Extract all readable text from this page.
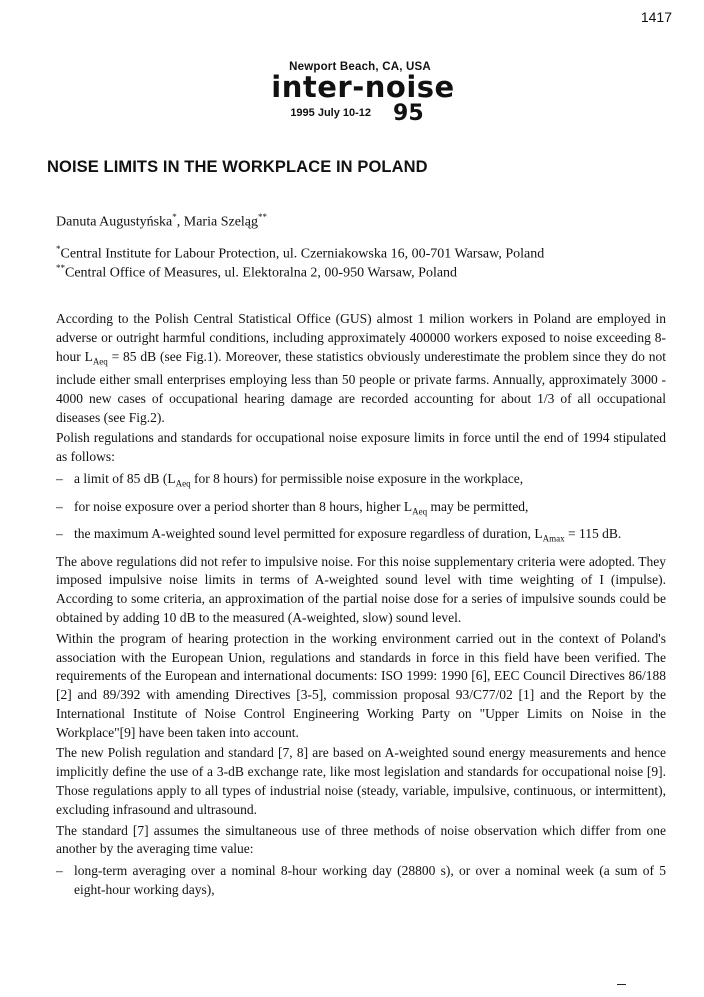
1417
Newport Beach, CA, USA
inter-noise
1995 July 10-12 95
NOISE LIMITS IN THE WORKPLACE IN POLAND
Danuta Augustyńska*, Maria Szeląg**
*Central Institute for Labour Protection, ul. Czerniakowska 16, 00-701 Warsaw, Poland
**Central Office of Measures, ul. Elektoralna 2, 00-950 Warsaw, Poland

According to the Polish Central Statistical Office (GUS) almost 1 milion workers in Poland are employed in adverse or outright harmful conditions, including approximately 400000 workers exposed to noise exceeding 8-hour $L_{Aeq} = 85$ dB (see Fig.1). Moreover, these statistics obviously underestimate the problem since they do not include either small enterprises employing less than 50 people or private farms. Annually, approximately 3000 - 4000 new cases of occupational hearing damage are recorded accounting for about 1/3 of all occupational diseases (see Fig.2).

Polish regulations and standards for occupational noise exposure limits in force until the end of 1994 stipulated as follows:

– a limit of 85 dB ($L_{Aeq}$ for 8 hours) for permissible noise exposure in the workplace,
– for noise exposure over a period shorter than 8 hours, higher $L_{Aeq}$ may be permitted,
– the maximum A-weighted sound level permitted for exposure regardless of duration, $L_{Amax} = 115$ dB.

The above regulations did not refer to impulsive noise. For this noise supplementary criteria were adopted. They imposed impulsive noise limits in terms of A-weighted sound level with time weighting of I (impulse). According to some criteria, an approximation of the partial noise dose for a series of impulsive sounds could be obtained by adding 10 dB to the measured (A-weighted, slow) sound level.

Within the program of hearing protection in the working environment carried out in the context of Poland's association with the European Union, regulations and standards in force in this field have been verified. The requirements of the European and international documents: ISO 1999: 1990 [6], EEC Council Directives 86/188 [2] and 89/392 with amending Directives [3-5], commission proposal 93/C77/02 [1] and the Report by the International Institute of Noise Control Engineering Working Party on "Upper Limits on Noise in the Workplace"[9] have been taken into account.

The new Polish regulation and standard [7, 8] are based on A-weighted sound energy measurements and hence implicitly define the use of a 3-dB exchange rate, like most legislation and standards for occupational noise [9]. Those regulations apply to all types of industrial noise (steady, variable, impulsive, continuous, or intermittent), excluding infrasound and ultrasound.

The standard [7] assumes the simultaneous use of three methods of noise observation which differ from one another by the averaging time value:

– long-term averaging over a nominal 8-hour working day (28800 s), or over a nominal week (a sum of 5 eight-hour working days),
